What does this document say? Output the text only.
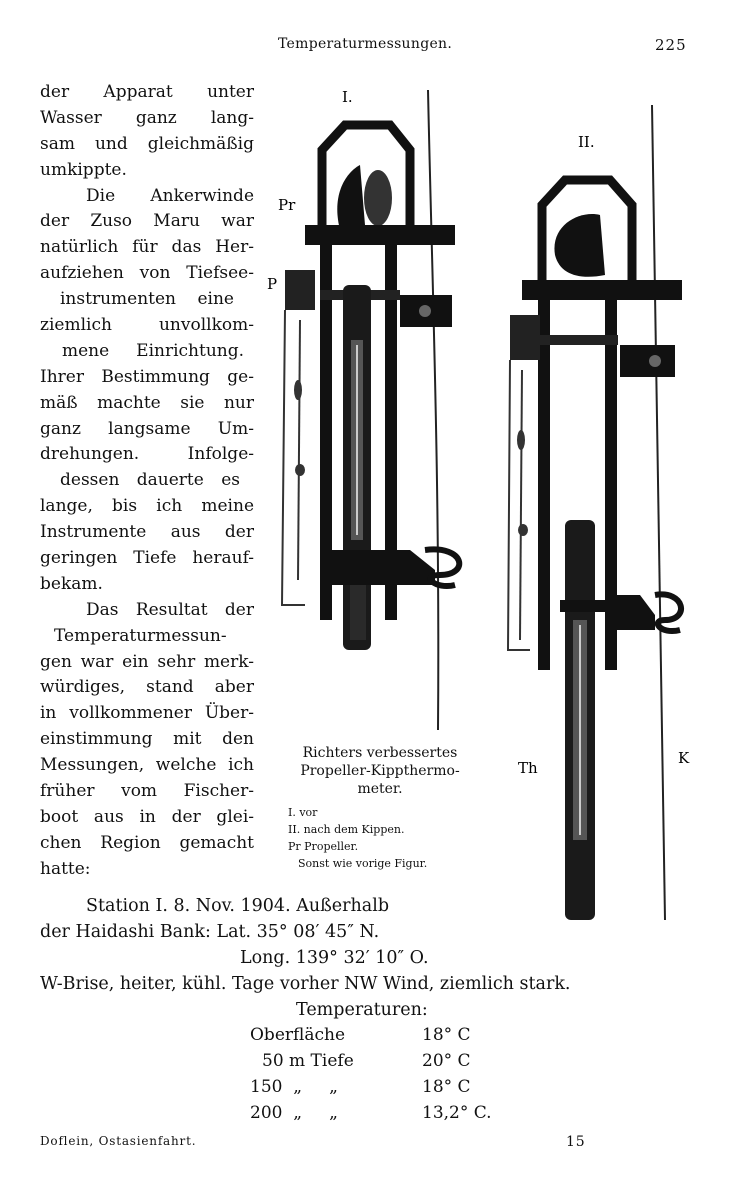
Temperaturmessungen.	225
der Apparat unter
Wasser ganz lang-
sam und gleichmäßig
umkippte.
Die Ankerwinde
der Zuso Maru war
natürlich für das Her-
aufziehen von Tiefsee-
instrumenten eine
ziemlich unvollkom-
mene Einrichtung.
Ihrer Bestimmung ge-
mäß machte sie nur
ganz langsame Um-
drehungen. Infolge-
dessen dauerte es
lange, bis ich meine
Instrumente aus der
geringen Tiefe herauf-
bekam.
Das Resultat der
Temperaturmessun-
gen war ein sehr merk-
würdiges, stand aber
in vollkommener Über-
einstimmung mit den
Messungen, welche ich
früher vom Fischer-
boot aus in der glei-
chen Region gemacht
hatte:
I.
II.
Pr
P
Th
K
Richters verbessertes
Propeller-Kippthermo-
meter.
I. vor
II. nach dem Kippen.
Pr Propeller.
Sonst wie vorige Figur.
Station I. 8. Nov. 1904. Außerhalb
der Haidashi Bank: Lat. 35° 08′ 45″ N.
Long. 139° 32′ 10″ O.
W-Brise, heiter, kühl. Tage vorher NW Wind, ziemlich stark.
Temperaturen:
Oberfläche	18° C
50 m Tiefe	20° C
150  „     „	18° C
200  „     „	13,2° C.
Doflein, Ostasienfahrt.	15
